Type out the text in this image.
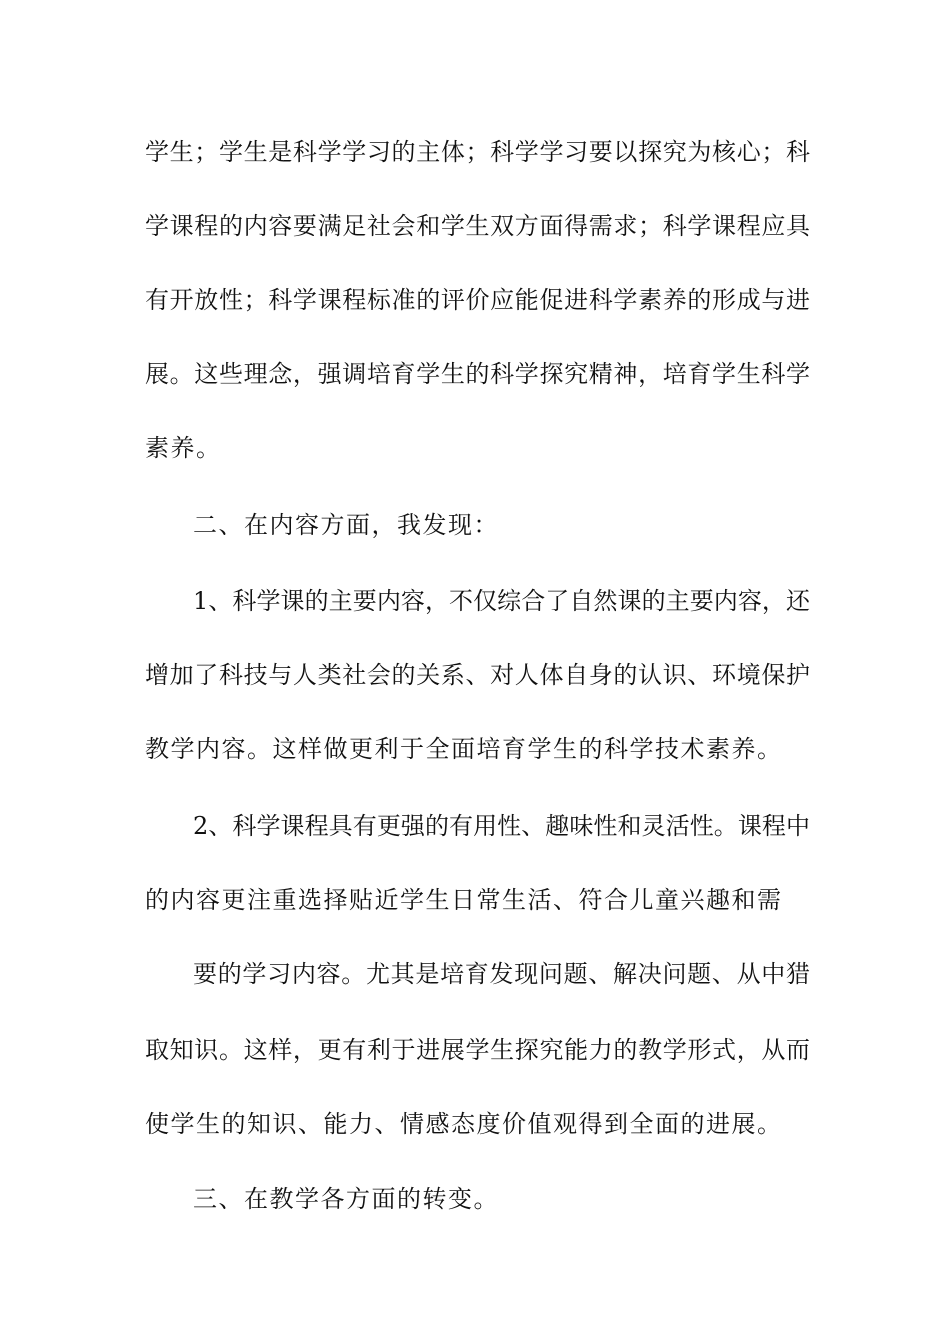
学生；学生是科学学习的主体；科学学习要以探究为核心；科
学课程的内容要满足社会和学生双方面得需求；科学课程应具
有开放性；科学课程标准的评价应能促进科学素养的形成与进
展。这些理念，强调培育学生的科学探究精神，培育学生科学
素养。
二、在内容方面，我发现：
1、科学课的主要内容，不仅综合了自然课的主要内容，还
增加了科技与人类社会的关系、对人体自身的认识、环境保护
教学内容。这样做更利于全面培育学生的科学技术素养。
2、科学课程具有更强的有用性、趣味性和灵活性。课程中
的内容更注重选择贴近学生日常生活、符合儿童兴趣和需
要的学习内容。尤其是培育发现问题、解决问题、从中猎
取知识。这样，更有利于进展学生探究能力的教学形式，从而
使学生的知识、能力、情感态度价值观得到全面的进展。
三、在教学各方面的转变。
